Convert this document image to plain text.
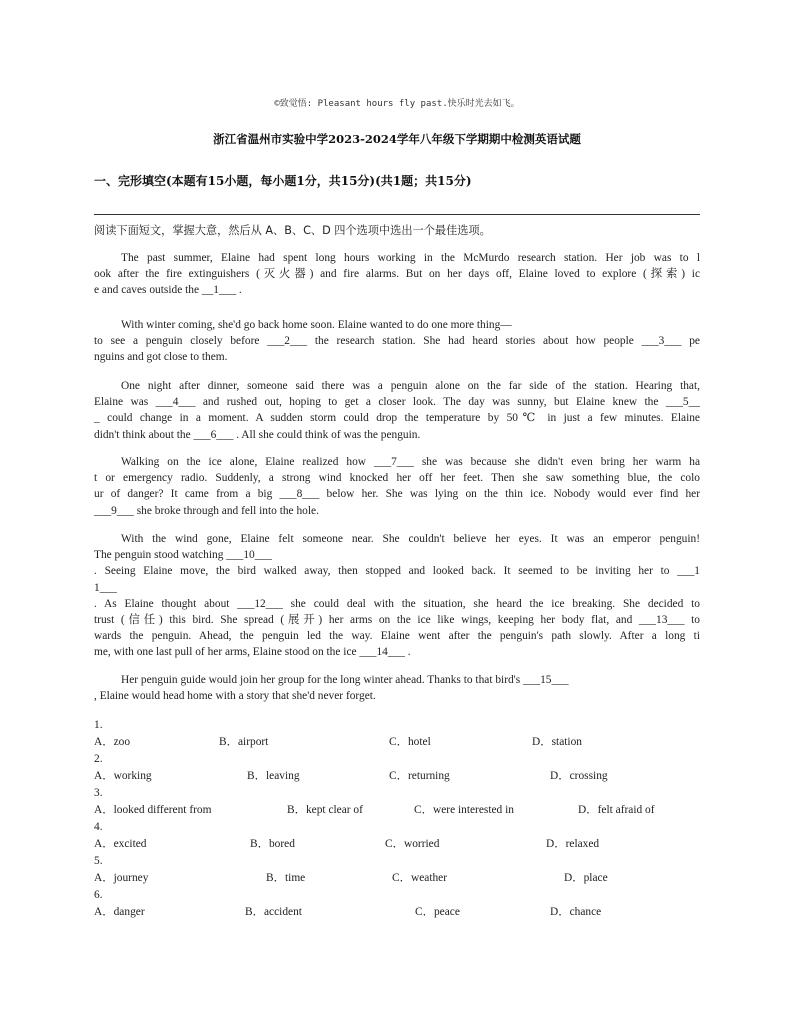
©致觉悟: Pleasant hours fly past.快乐时光去如飞。
浙江省温州市实验中学2023-2024学年八年级下学期期中检测英语试题
一、完形填空(本题有15小题，每小题1分，共15分)(共1题；共15分)
阅读下面短文，掌握大意，然后从 A、B、C、D 四个选项中选出一个最佳选项。
The past summer, Elaine had spent long hours working in the McMurdo research station. Her job was to l
ook after the fire extinguishers (灭火器) and fire alarms. But on her days off, Elaine loved to explore (探索) ic
e and caves outside the __1___ .
With winter coming, she'd go back home soon. Elaine wanted to do one more thing—
to see a penguin closely before ___2___ the research station. She had heard stories about how people ___3___ pe
nguins and got close to them.
One night after dinner, someone said there was a penguin alone on the far side of the station. Hearing that,
Elaine was ___4___ and rushed out, hoping to get a closer look. The day was sunny, but Elaine knew the ___5__
_ could change in a moment. A sudden storm could drop the temperature by 50℃ in just a few minutes. Elaine
didn't think about the ___6___ . All she could think of was the penguin.
Walking on the ice alone, Elaine realized how ___7___ she was because she didn't even bring her warm ha
t or emergency radio. Suddenly, a strong wind knocked her off her feet. Then she saw something blue, the colo
ur of danger? It came from a big ___8___ below her. She was lying on the thin ice. Nobody would ever find her
___9___ she broke through and fell into the hole.
With the wind gone, Elaine felt someone near. She couldn't believe her eyes. It was an emperor penguin!
The penguin stood watching ___10___
. Seeing Elaine move, the bird walked away, then stopped and looked back. It seemed to be inviting her to ___1
1___
. As Elaine thought about ___12___ she could deal with the situation, she heard the ice breaking. She decided to
trust (信任) this bird. She spread (展开) her arms on the ice like wings, keeping her body flat, and ___13___ to
wards the penguin. Ahead, the penguin led the way. Elaine went after the penguin's path slowly. After a long ti
me, with one last pull of her arms, Elaine stood on the ice ___14___ .
Her penguin guide would join her group for the long winter ahead. Thanks to that bird's ___15___
, Elaine would head home with a story that she'd never forget.
1.
A．zoo	B．airport	C．hotel	D．station
2.
A．working	B．leaving	C．returning	D．crossing
3.
A．looked different from	B．kept clear of	C．were interested in	D．felt afraid of
4.
A．excited	B．bored	C．worried	D．relaxed
5.
A．journey	B．time	C．weather	D．place
6.
A．danger	B．accident	C．peace	D．chance
